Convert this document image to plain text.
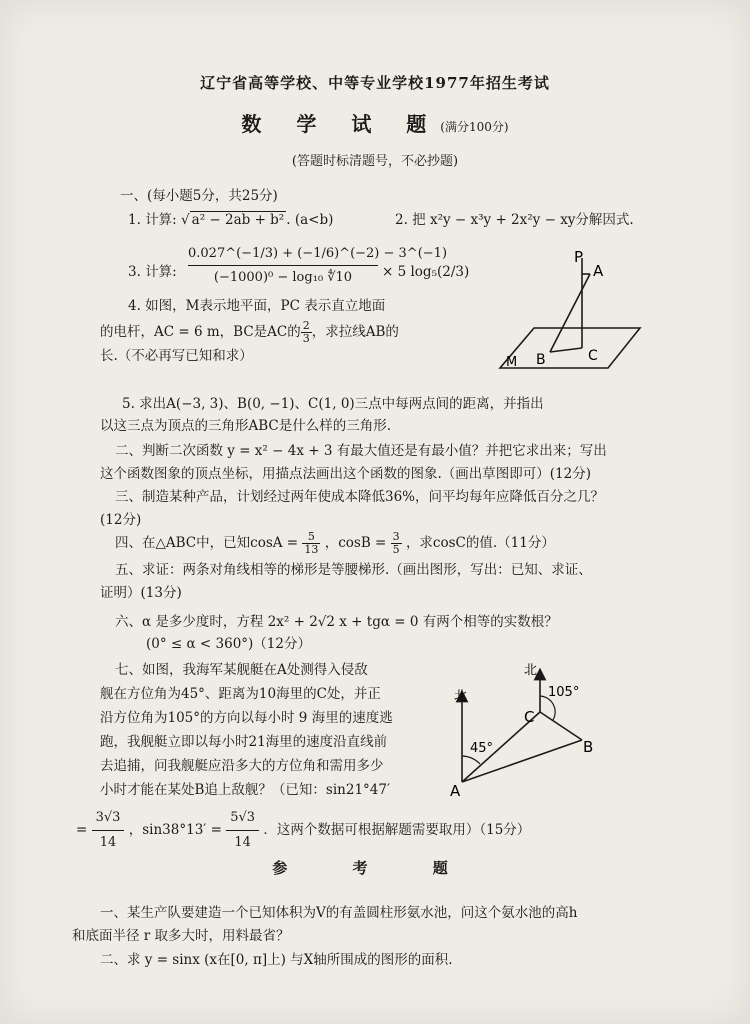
辽宁省高等学校、中等专业学校1977年招生考试
数 学 试 题(满分100分)
(答题时标清题号，不必抄题)
一、(每小题5分，共25分)
1. 计算: √ a² − 2ab + b² . (a<b)	2. 把 x²y − x³y + 2x²y − xy分解因式.
3. 计算: $\frac{0.027\^{}(-1/3) + (-1/6)\^{}(-2) - 3\^{}(-1)}{\text{(−1000)⁰ − log₁₀ ∜10}} \times 5$ log₅(2/3)
4. 如图，M表示地平面，PC 表示直立地面
的电杆，AC = 6 m，BC是AC的 $\frac{2}{3}$ ，求拉线AB的
长.（不必再写已知和求）
P
A
M B	C
5. 求出A(−3, 3)、B(0, −1)、C(1, 0)三点中每两点间的距离，并指出
以这三点为顶点的三角形ABC是什么样的三角形.
二、判断二次函数 y = x² − 4x + 3 有最大值还是有最小值？并把它求出来；写出
这个函数图象的顶点坐标，用描点法画出这个函数的图象.（画出草图即可）(12分)
三、制造某种产品，计划经过两年使成本降低36%，问平均每年应降低百分之几？
(12分)
四、在△ABC中，已知$\cos A = \frac{5}{13}$ ，$\cos B = \frac{3}{5}$ ，求cosC的值.（11分）
五、求证：两条对角线相等的梯形是等腰梯形.（画出图形，写出：已知、求证、
证明）(13分)
六、α 是多少度时，方程 2x² + 2√2 x + tgα = 0 有两个相等的实数根？
(0° ≤ α < 360°)（12分）
七、如图，我海军某舰艇在A处测得入侵敌
舰在方位角为45°、距离为10海里的C处，并正
沿方位角为105°的方向以每小时 9 海里的速度逃
跑，我舰艇立即以每小时21海里的速度沿直线前
去追捕，问我舰艇应沿多大的方位角和需用多少
小时才能在某处B追上敌舰？（已知：sin21°47′
= $\frac{3√3}{14}$ ，$\sin 38^\circ 13' = \frac{5√3}{14}$ ．这两个数据可根据解题需要取用）（15分）
北
北
45°
105°
A
B
C
参 考 题
一、某生产队要建造一个已知体积为V的有盖圆柱形氨水池，问这个氨水池的高h
和底面半径 r 取多大时，用料最省？
二、求 y = sinx (x在[0, π]上) 与X轴所围成的图形的面积.
